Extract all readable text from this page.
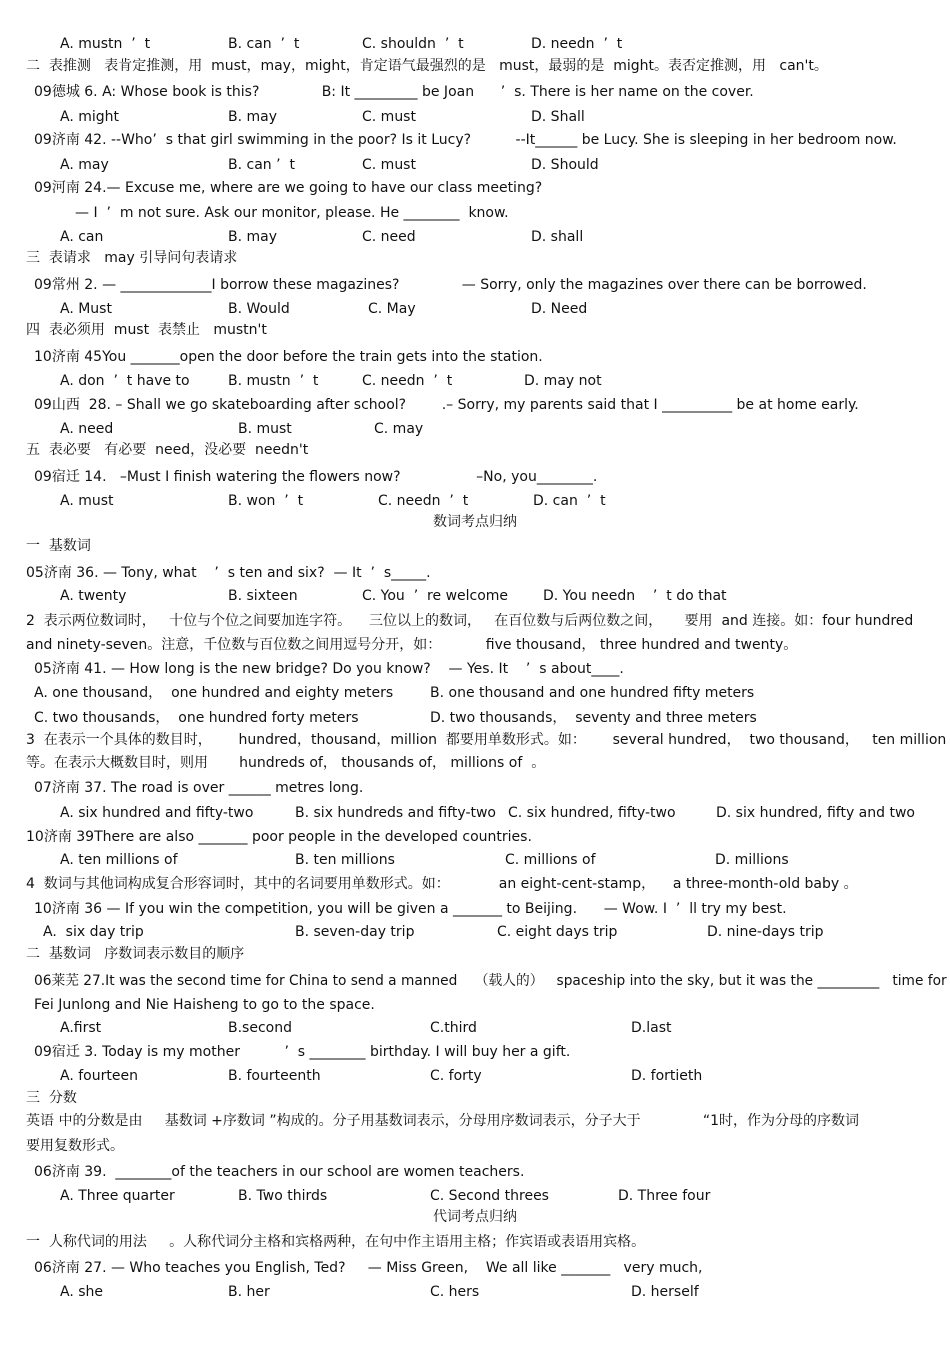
A. mustn  ’  t	B. can  ’  t	C. shouldn  ’  t	D. needn  ’  t
二  表推测   表肯定推测，用  must，may，might，肯定语气最强烈的是   must，最弱的是  might。表否定推测，用   can't。
09德城 6. A: Whose book is this?              B: It _________ be Joan      ’  s. There is her name on the cover.
A. might	B. may	C. must	D. Shall
09济南 42. --Who’  s that girl swimming in the poor? Is it Lucy?          --It______ be Lucy. She is sleeping in her bedroom now.
A. may	B. can ’  t	C. must	D. Should
09河南 24.— Excuse me, where are we going to have our class meeting?
— I  ’  m not sure. Ask our monitor, please. He ________  know.
A. can	B. may	C. need	D. shall
三  表请求   may 引导问句表请求
09常州 2. — _____________I borrow these magazines?              — Sorry, only the magazines over there can be borrowed.
A. Must	B. Would	C. May	D. Need
四  表必须用  must  表禁止   mustn't
10济南 45You _______open the door before the train gets into the station.
A. don  ’  t have to	B. mustn  ’  t	C. needn  ’  t	D. may not
09山西  28. – Shall we go skateboarding after school?        .– Sorry, my parents said that I __________ be at home early.
A. need	B. must	C. may
五  表必要   有必要  need，没必要  needn't
09宿迁 14.   –Must I finish watering the flowers now?                 –No, you________.
A. must	B. won  ’  t	C. needn  ’  t	D. can  ’  t
数词考点归纳
一  基数词
05济南 36. — Tony, what    ’  s ten and six?  — It  ’  s_____.
A. twenty	B. sixteen	C. You  ’  re welcome D. You needn    ’  t do that
2  表示两位数词时，   十位与个位之间要加连字符。    三位以上的数词，   在百位数与后两位数之间，     要用  and 连接。如：four hundred
and ninety-seven。注意，千位数与百位数之间用逗号分开，如：          five thousand， three hundred and twenty。
05济南 41. — How long is the new bridge? Do you know?    — Yes. It    ’  s about____.
A. one thousand，  one hundred and eighty meters	B. one thousand and one hundred fifty meters
C. two thousands，  one hundred forty meters	D. two thousands，  seventy and three meters
3  在表示一个具体的数目时，      hundred，thousand，million  都要用单数形式。如：      several hundred，  two thousand，   ten million
等。在表示大概数目时，则用       hundreds of， thousands of， millions of  。
07济南 37. The road is over ______ metres long.
A. six hundred and fifty-two	B. six hundreds and fifty-two C. six hundred, fifty-two	D. six hundred, fifty and two
10济南 39There are also _______ poor people in the developed countries.
A. ten millions of	B. ten millions	C. millions of	D. millions
4  数词与其他词构成复合形容词时，其中的名词要用单数形式。如：           an eight-cent-stamp，    a three-month-old baby 。
10济南 36 — If you win the competition, you will be given a _______ to Beijing.      — Wow. I  ’  ll try my best.
A.  six day trip	B. seven-day trip	C. eight days trip	D. nine-days trip
二  基数词   序数词表示数目的顺序
06莱芜 27.It was the second time for China to send a manned    （载人的）   spaceship into the sky, but it was the _________   time for
Fei Junlong and Nie Haisheng to go to the space.
A.first	B.second	C.third	D.last
09宿迁 3. Today is my mother          ’  s ________ birthday. I will buy her a gift.
A. fourteen	B. fourteenth	C. forty	D. fortieth
三  分数
英语 中的分数是由     基数词 +序数词 ”构成的。分子用基数词表示，分母用序数词表示，分子大于              “1时，作为分母的序数词
要用复数形式。
06济南 39.  ________of the teachers in our school are women teachers.
A. Three quarter	B. Two thirds	C. Second threes	D. Three four
代词考点归纳
一  人称代词的用法     。人称代词分主格和宾格两种，在句中作主语用主格；作宾语或表语用宾格。
06济南 27. — Who teaches you English, Ted?     — Miss Green,    We all like _______   very much,
A. she	B. her	C. hers	D. herself
